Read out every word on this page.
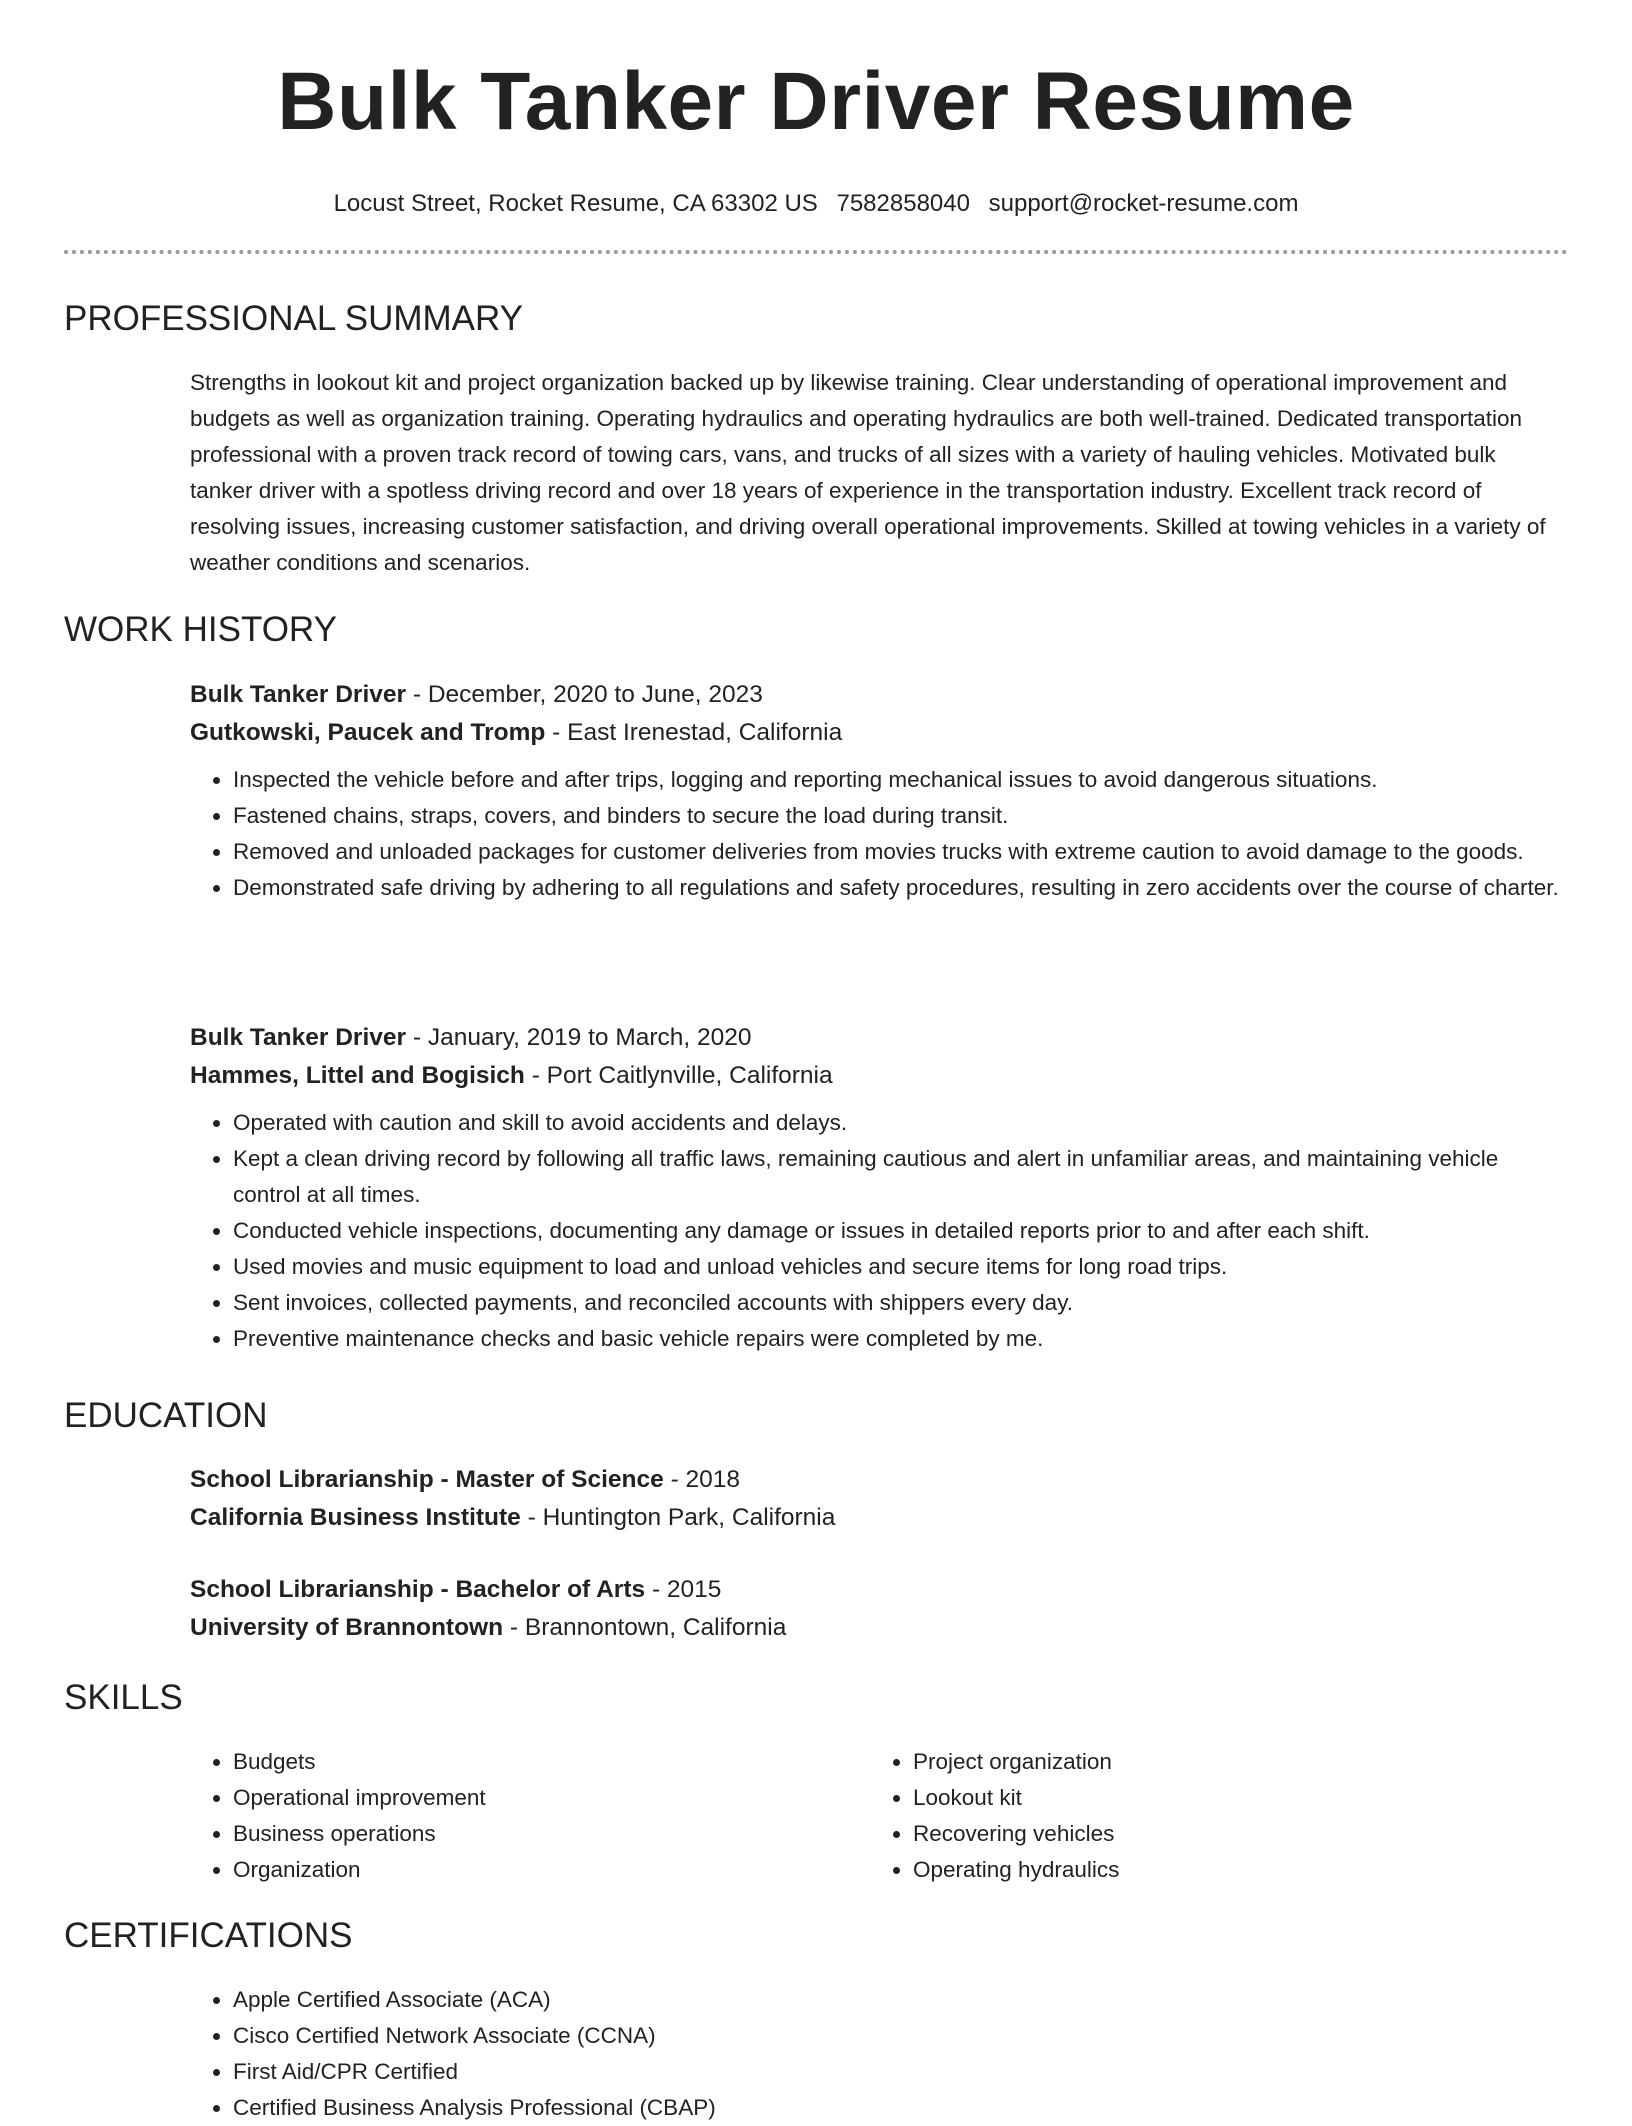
Bulk Tanker Driver Resume
Locust Street, Rocket Resume, CA 63302 US 7582858040 support@rocket-resume.com
PROFESSIONAL SUMMARY

Strengths in lookout kit and project organization backed up by likewise training. Clear understanding of operational improvement and budgets as well as organization training. Operating hydraulics and operating hydraulics are both well-trained. Dedicated transportation professional with a proven track record of towing cars, vans, and trucks of all sizes with a variety of hauling vehicles. Motivated bulk tanker driver with a spotless driving record and over 18 years of experience in the transportation industry. Excellent track record of resolving issues, increasing customer satisfaction, and driving overall operational improvements. Skilled at towing vehicles in a variety of weather conditions and scenarios.

WORK HISTORY

Bulk Tanker Driver - December, 2020 to June, 2023

Gutkowski, Paucek and Tromp - East Irenestad, California

• Inspected the vehicle before and after trips, logging and reporting mechanical issues to avoid dangerous situations.
• Fastened chains, straps, covers, and binders to secure the load during transit.
• Removed and unloaded packages for customer deliveries from movies trucks with extreme caution to avoid damage to the goods.
• Demonstrated safe driving by adhering to all regulations and safety procedures, resulting in zero accidents over the course of charter.

Bulk Tanker Driver - January, 2019 to March, 2020

Hammes, Littel and Bogisich - Port Caitlynville, California

• Operated with caution and skill to avoid accidents and delays.
• Kept a clean driving record by following all traffic laws, remaining cautious and alert in unfamiliar areas, and maintaining vehicle control at all times.
• Conducted vehicle inspections, documenting any damage or issues in detailed reports prior to and after each shift.
• Used movies and music equipment to load and unload vehicles and secure items for long road trips.
• Sent invoices, collected payments, and reconciled accounts with shippers every day.
• Preventive maintenance checks and basic vehicle repairs were completed by me.
EDUCATION

School Librarianship - Master of Science - 2018

California Business Institute - Huntington Park, California

School Librarianship - Bachelor of Arts - 2015

University of Brannontown - Brannontown, California

SKILLS
• Budgets
• Operational improvement
• Business operations
• Organization
• Project organization
• Lookout kit
• Recovering vehicles
• Operating hydraulics
CERTIFICATIONS
• Apple Certified Associate (ACA)
• Cisco Certified Network Associate (CCNA)
• First Aid/CPR Certified
• Certified Business Analysis Professional (CBAP)
